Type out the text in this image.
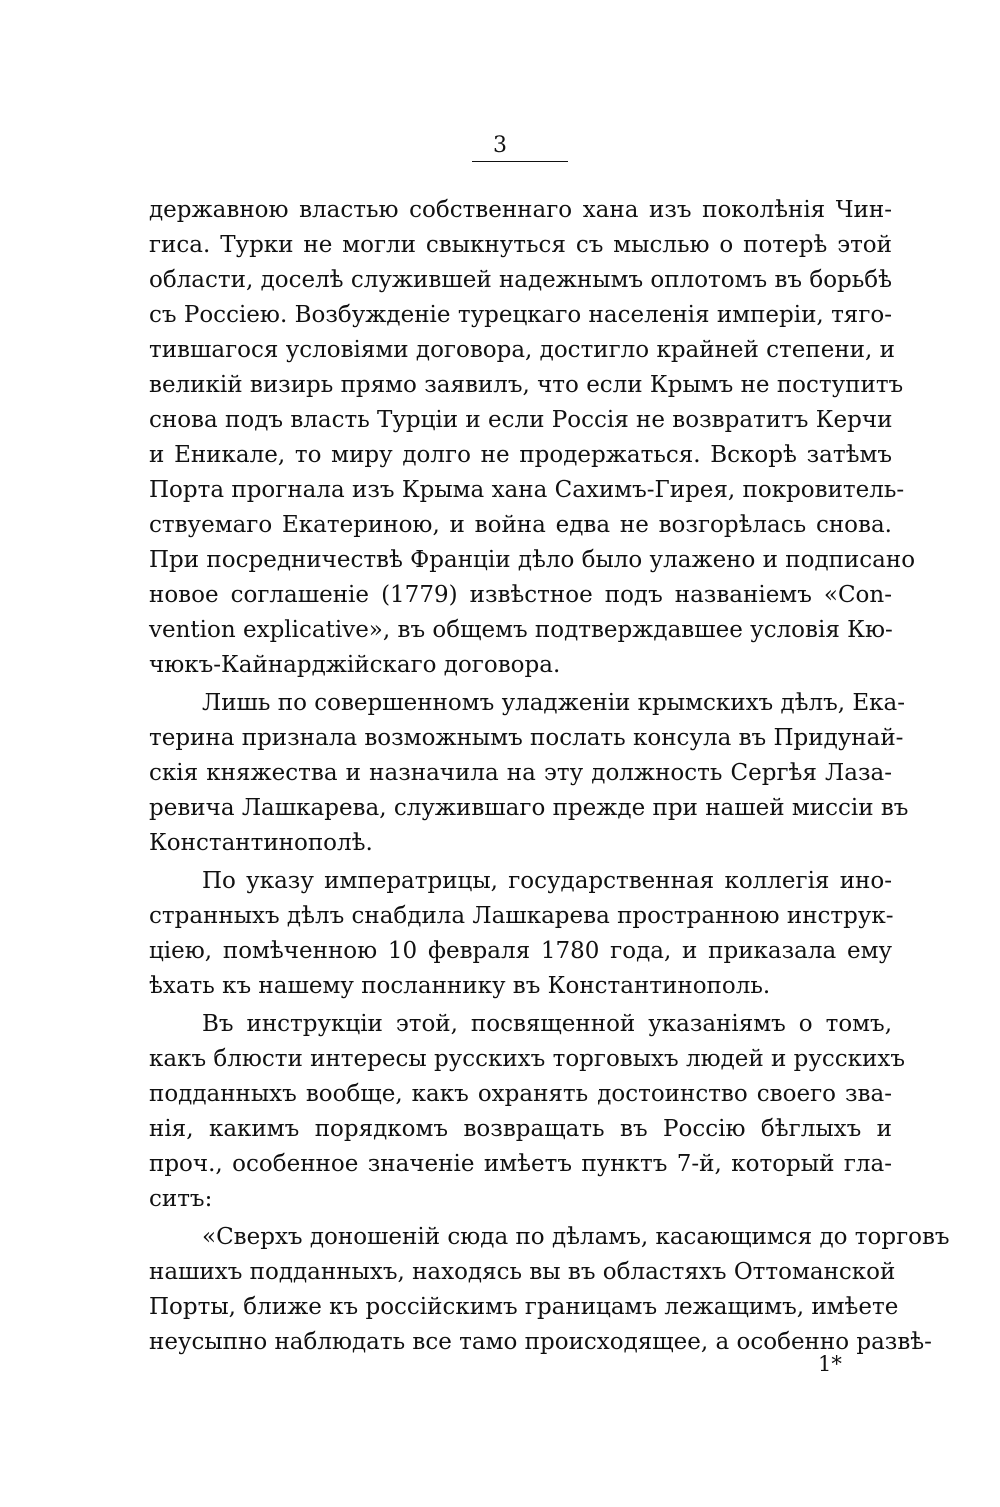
3
державною властью собственнаго хана изъ поколѣнія Чин-
гиса. Турки не могли свыкнуться съ мыслью о потерѣ этой
области, доселѣ служившей надежнымъ оплотомъ въ борьбѣ
съ Россіею. Возбужденіе турецкаго населенія имперіи, тяго-
тившагося условіями договора, достигло крайней степени, и
великій визирь прямо заявилъ, что если Крымъ не поступитъ
снова подъ власть Турціи и если Россія не возвратитъ Керчи
и Еникале, то миру долго не продержаться. Вскорѣ затѣмъ
Порта прогнала изъ Крыма хана Сахимъ-Гирея, покровитель-
ствуемаго Екатериною, и война едва не возгорѣлась снова.
При посредничествѣ Франціи дѣло было улажено и подписано
новое соглашеніе (1779) извѣстное подъ названіемъ «Con-
vention explicative», въ общемъ подтверждавшее условія Кю-
чюкъ-Кайнарджійскаго договора.
Лишь по совершенномъ уладженіи крымскихъ дѣлъ, Ека-
терина признала возможнымъ послать консула въ Придунай-
скія княжества и назначила на эту должность Сергѣя Лаза-
ревича Лашкарева, служившаго прежде при нашей миссіи въ
Константинополѣ.
По указу императрицы, государственная коллегія ино-
странныхъ дѣлъ снабдила Лашкарева пространною инструк-
ціею, помѣченною 10 февраля 1780 года, и приказала ему
ѣхать къ нашему посланнику въ Константинополь.
Въ инструкціи этой, посвященной указаніямъ о томъ,
какъ блюсти интересы русскихъ торговыхъ людей и русскихъ
подданныхъ вообще, какъ охранять достоинство своего зва-
нія, какимъ порядкомъ возвращать въ Россію бѣглыхъ и
проч., особенное значеніе имѣетъ пунктъ 7-й, который гла-
ситъ:
«Сверхъ доношеній сюда по дѣламъ, касающимся до торговъ
нашихъ подданныхъ, находясь вы въ областяхъ Оттоманской
Порты, ближе къ россійскимъ границамъ лежащимъ, имѣете
неусыпно наблюдать все тамо происходящее, а особенно развѣ-
1*
